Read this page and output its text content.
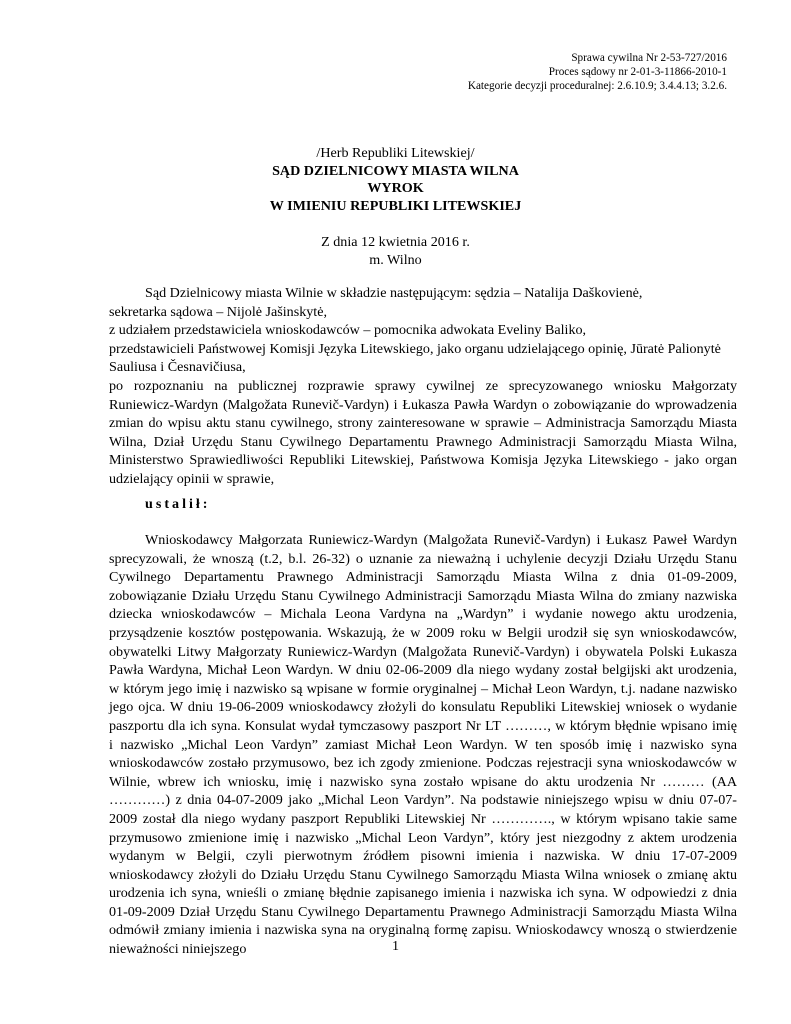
Sprawa cywilna Nr 2-53-727/2016
Proces sądowy nr 2-01-3-11866-2010-1
Kategorie decyzji proceduralnej: 2.6.10.9; 3.4.4.13; 3.2.6.
/Herb Republiki Litewskiej/
SĄD DZIELNICOWY MIASTA WILNA
WYROK
W IMIENIU REPUBLIKI LITEWSKIEJ
Z dnia 12 kwietnia 2016 r.
m. Wilno
Sąd Dzielnicowy miasta Wilnie w składzie następującym: sędzia – Natalija Daškovienė,
sekretarka sądowa – Nijolė Jašinskytė,
z udziałem przedstawiciela wnioskodawców – pomocnika adwokata Eveliny Baliko,
przedstawicieli Państwowej Komisji Języka Litewskiego, jako organu udzielającego opinię, Jūratė Palionytė
Sauliusa i Česnavičiusa,
po rozpoznaniu na publicznej rozprawie sprawy cywilnej ze sprecyzowanego wniosku Małgorzaty
Runiewicz-Wardyn (Malgožata Runevič-Vardyn) i Łukasza Pawła Wardyn o zobowiązanie do wprowadzenia
zmian do wpisu aktu stanu cywilnego, strony zainteresowane w sprawie – Administracja Samorządu Miasta
Wilna, Dział Urzędu Stanu Cywilnego Departamentu Prawnego Administracji Samorządu Miasta Wilna,
Ministerstwo Sprawiedliwości Republiki Litewskiej, Państwowa Komisja Języka Litewskiego - jako organ
udzielający opinii w sprawie,
ustalił:
Wnioskodawcy Małgorzata Runiewicz-Wardyn (Malgožata Runevič-Vardyn) i Łukasz Paweł Wardyn
sprecyzowali, że wnoszą (t.2, b.l. 26-32) o uznanie za nieważną i uchylenie decyzji Działu Urzędu Stanu
Cywilnego Departamentu Prawnego Administracji Samorządu Miasta Wilna z dnia 01-09-2009,
zobowiązanie Działu Urzędu Stanu Cywilnego Administracji Samorządu Miasta Wilna do zmiany nazwiska
dziecka wnioskodawców – Michala Leona Vardyna na „Wardyn” i wydanie nowego aktu urodzenia,
przysądzenie kosztów postępowania. Wskazują, że w 2009 roku w Belgii urodził się syn wnioskodawców,
obywatelki Litwy Małgorzaty Runiewicz-Wardyn (Malgožata Runevič-Vardyn) i obywatela Polski Łukasza
Pawła Wardyna, Michał Leon Wardyn. W dniu 02-06-2009 dla niego wydany został belgijski akt urodzenia,
w którym jego imię i nazwisko są wpisane w formie oryginalnej – Michał Leon Wardyn, t.j. nadane nazwisko
jego ojca. W dniu 19-06-2009 wnioskodawcy złożyli do konsulatu Republiki Litewskiej wniosek o wydanie
paszportu dla ich syna. Konsulat wydał tymczasowy paszport Nr LT ………, w którym błędnie wpisano imię
i nazwisko „Michal Leon Vardyn” zamiast Michał Leon Wardyn. W ten sposób imię i nazwisko syna
wnioskodawców zostało przymusowo, bez ich zgody zmienione. Podczas rejestracji syna wnioskodawców w
Wilnie, wbrew ich wniosku, imię i nazwisko syna zostało wpisane do aktu urodzenia Nr ……… (AA
…………) z dnia 04-07-2009 jako „Michal Leon Vardyn”. Na podstawie niniejszego wpisu w dniu 07-07-
2009 został dla niego wydany paszport Republiki Litewskiej Nr …………., w którym wpisano takie same
przymusowo zmienione imię i nazwisko „Michal Leon Vardyn”, który jest niezgodny z aktem urodzenia
wydanym w Belgii, czyli pierwotnym źródłem pisowni imienia i nazwiska. W dniu 17-07-2009
wnioskodawcy złożyli do Działu Urzędu Stanu Cywilnego Samorządu Miasta Wilna wniosek o zmianę aktu
urodzenia ich syna, wnieśli o zmianę błędnie zapisanego imienia i nazwiska ich syna. W odpowiedzi z dnia
01-09-2009 Dział Urzędu Stanu Cywilnego Departamentu Prawnego Administracji Samorządu Miasta Wilna
odmówił zmiany imienia i nazwiska syna na oryginalną formę zapisu. Wnioskodawcy wnoszą o stwierdzenie
nieważności niniejszego	1
